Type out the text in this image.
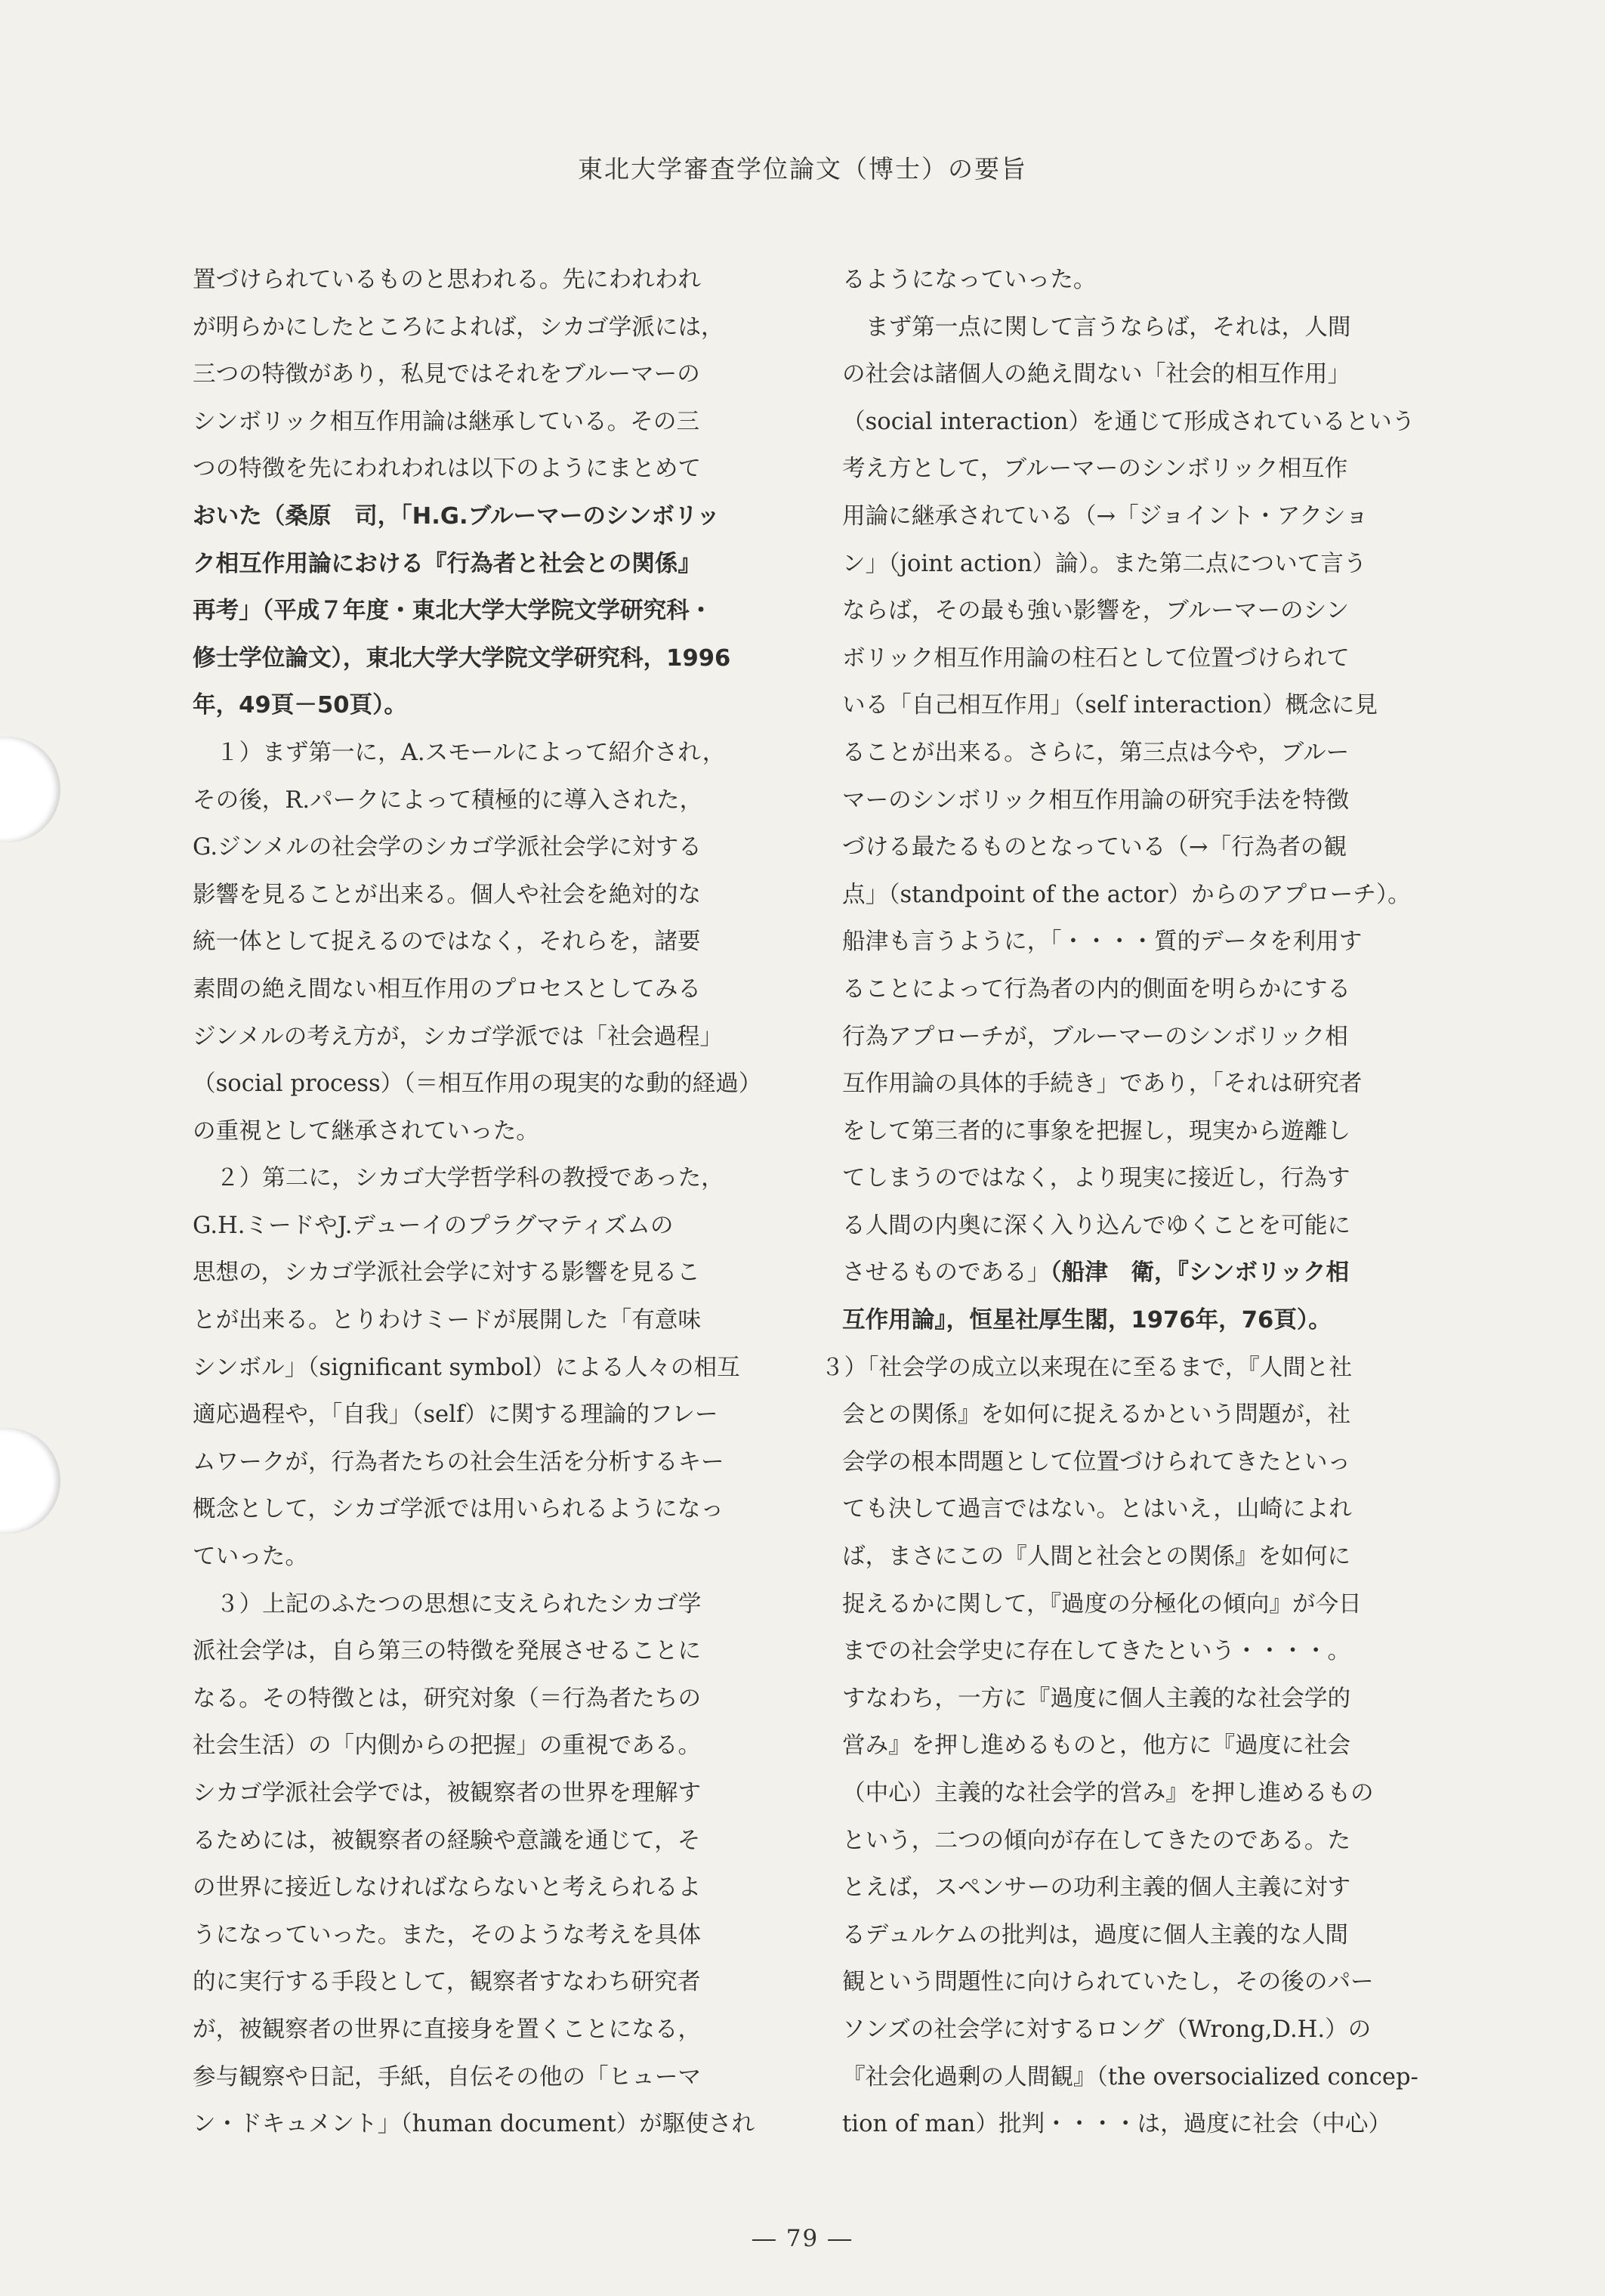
東北大学審査学位論文（博士）の要旨
置づけられているものと思われる。先にわれわれ
が明らかにしたところによれば，シカゴ学派には，
三つの特徴があり，私見ではそれをブルーマーの
シンボリック相互作用論は継承している。その三
つの特徴を先にわれわれは以下のようにまとめて
おいた（桑原　司，「H.G.ブルーマーのシンボリッ
ク相互作用論における『行為者と社会との関係』
再考」（平成７年度・東北大学大学院文学研究科・
修士学位論文），東北大学大学院文学研究科，1996
年，49頁－50頁）。
１）まず第一に，A.スモールによって紹介され，
その後，R.パークによって積極的に導入された，
G.ジンメルの社会学のシカゴ学派社会学に対する
影響を見ることが出来る。個人や社会を絶対的な
統一体として捉えるのではなく，それらを，諸要
素間の絶え間ない相互作用のプロセスとしてみる
ジンメルの考え方が，シカゴ学派では「社会過程」
（social process）（＝相互作用の現実的な動的経過）
の重視として継承されていった。
２）第二に，シカゴ大学哲学科の教授であった，
G.H.ミードやJ.デューイのプラグマティズムの
思想の，シカゴ学派社会学に対する影響を見るこ
とが出来る。とりわけミードが展開した「有意味
シンボル」（significant symbol）による人々の相互
適応過程や，「自我」（self）に関する理論的フレー
ムワークが，行為者たちの社会生活を分析するキー
概念として，シカゴ学派では用いられるようになっ
ていった。
３）上記のふたつの思想に支えられたシカゴ学
派社会学は，自ら第三の特徴を発展させることに
なる。その特徴とは，研究対象（＝行為者たちの
社会生活）の「内側からの把握」の重視である。
シカゴ学派社会学では，被観察者の世界を理解す
るためには，被観察者の経験や意識を通じて，そ
の世界に接近しなければならないと考えられるよ
うになっていった。また，そのような考えを具体
的に実行する手段として，観察者すなわち研究者
が，被観察者の世界に直接身を置くことになる，
参与観察や日記，手紙，自伝その他の「ヒューマ
ン・ドキュメント」（human document）が駆使され
るようになっていった。
まず第一点に関して言うならば，それは，人間
の社会は諸個人の絶え間ない「社会的相互作用」
（social interaction）を通じて形成されているという
考え方として，ブルーマーのシンボリック相互作
用論に継承されている（→「ジョイント・アクショ
ン」（joint action）論）。また第二点について言う
ならば，その最も強い影響を，ブルーマーのシン
ボリック相互作用論の柱石として位置づけられて
いる「自己相互作用」（self interaction）概念に見
ることが出来る。さらに，第三点は今や，ブルー
マーのシンボリック相互作用論の研究手法を特徴
づける最たるものとなっている（→「行為者の観
点」（standpoint of the actor）からのアプローチ）。
船津も言うように，「・・・・質的データを利用す
ることによって行為者の内的側面を明らかにする
行為アプローチが，ブルーマーのシンボリック相
互作用論の具体的手続き」であり，「それは研究者
をして第三者的に事象を把握し，現実から遊離し
てしまうのではなく，より現実に接近し，行為す
る人間の内奥に深く入り込んでゆくことを可能に
させるものである」（船津　衛，『シンボリック相
互作用論』，恒星社厚生閣，1976年，76頁）。
３）「社会学の成立以来現在に至るまで，『人間と社
会との関係』を如何に捉えるかという問題が，社
会学の根本問題として位置づけられてきたといっ
ても決して過言ではない。とはいえ，山崎によれ
ば，まさにこの『人間と社会との関係』を如何に
捉えるかに関して，『過度の分極化の傾向』が今日
までの社会学史に存在してきたという・・・・。
すなわち，一方に『過度に個人主義的な社会学的
営み』を押し進めるものと，他方に『過度に社会
（中心）主義的な社会学的営み』を押し進めるもの
という，二つの傾向が存在してきたのである。た
とえば，スペンサーの功利主義的個人主義に対す
るデュルケムの批判は，過度に個人主義的な人間
観という問題性に向けられていたし，その後のパー
ソンズの社会学に対するロング（Wrong,D.H.）の
『社会化過剰の人間観』（the oversocialized concep-
tion of man）批判・・・・は，過度に社会（中心）
― 79 ―
